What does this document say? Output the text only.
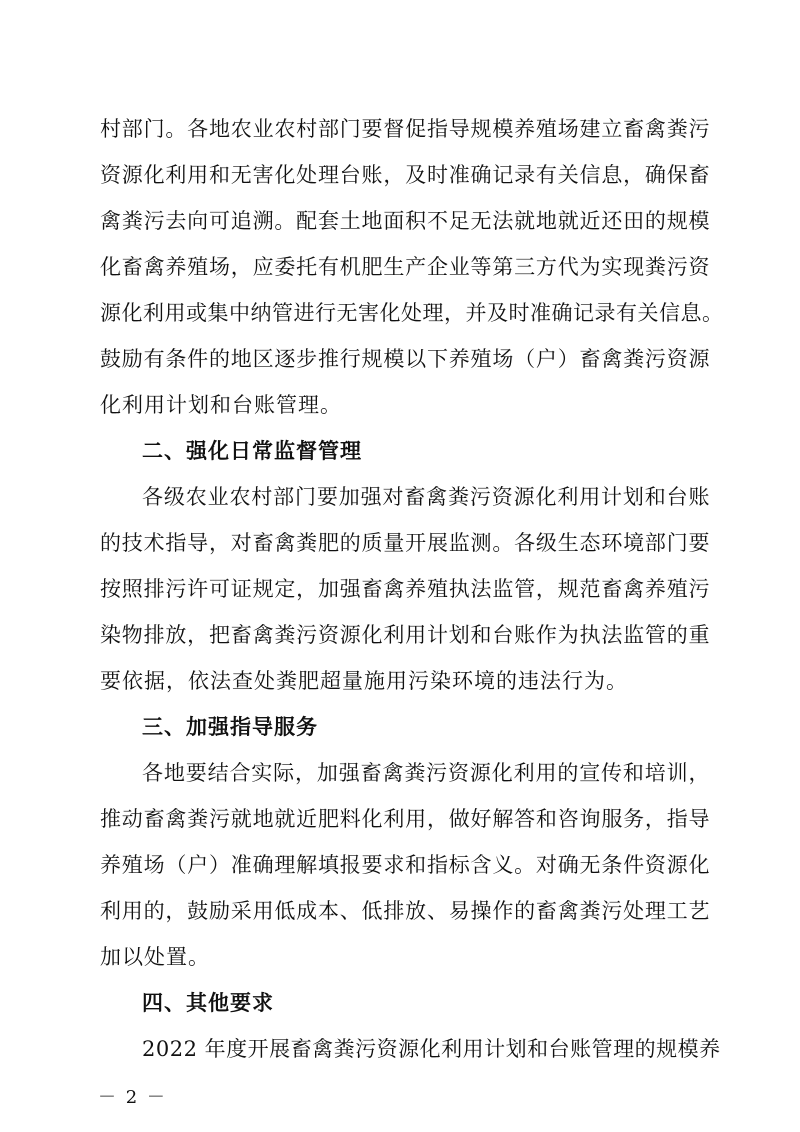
村部门。各地农业农村部门要督促指导规模养殖场建立畜禽粪污
资源化利用和无害化处理台账，及时准确记录有关信息，确保畜
禽粪污去向可追溯。配套土地面积不足无法就地就近还田的规模
化畜禽养殖场，应委托有机肥生产企业等第三方代为实现粪污资
源化利用或集中纳管进行无害化处理，并及时准确记录有关信息。
鼓励有条件的地区逐步推行规模以下养殖场（户）畜禽粪污资源
化利用计划和台账管理。
二、强化日常监督管理
各级农业农村部门要加强对畜禽粪污资源化利用计划和台账
的技术指导，对畜禽粪肥的质量开展监测。各级生态环境部门要
按照排污许可证规定，加强畜禽养殖执法监管，规范畜禽养殖污
染物排放，把畜禽粪污资源化利用计划和台账作为执法监管的重
要依据，依法查处粪肥超量施用污染环境的违法行为。
三、加强指导服务
各地要结合实际，加强畜禽粪污资源化利用的宣传和培训，
推动畜禽粪污就地就近肥料化利用，做好解答和咨询服务，指导
养殖场（户）准确理解填报要求和指标含义。对确无条件资源化
利用的，鼓励采用低成本、低排放、易操作的畜禽粪污处理工艺
加以处置。
四、其他要求
2022 年度开展畜禽粪污资源化利用计划和台账管理的规模养
－ 2 －
